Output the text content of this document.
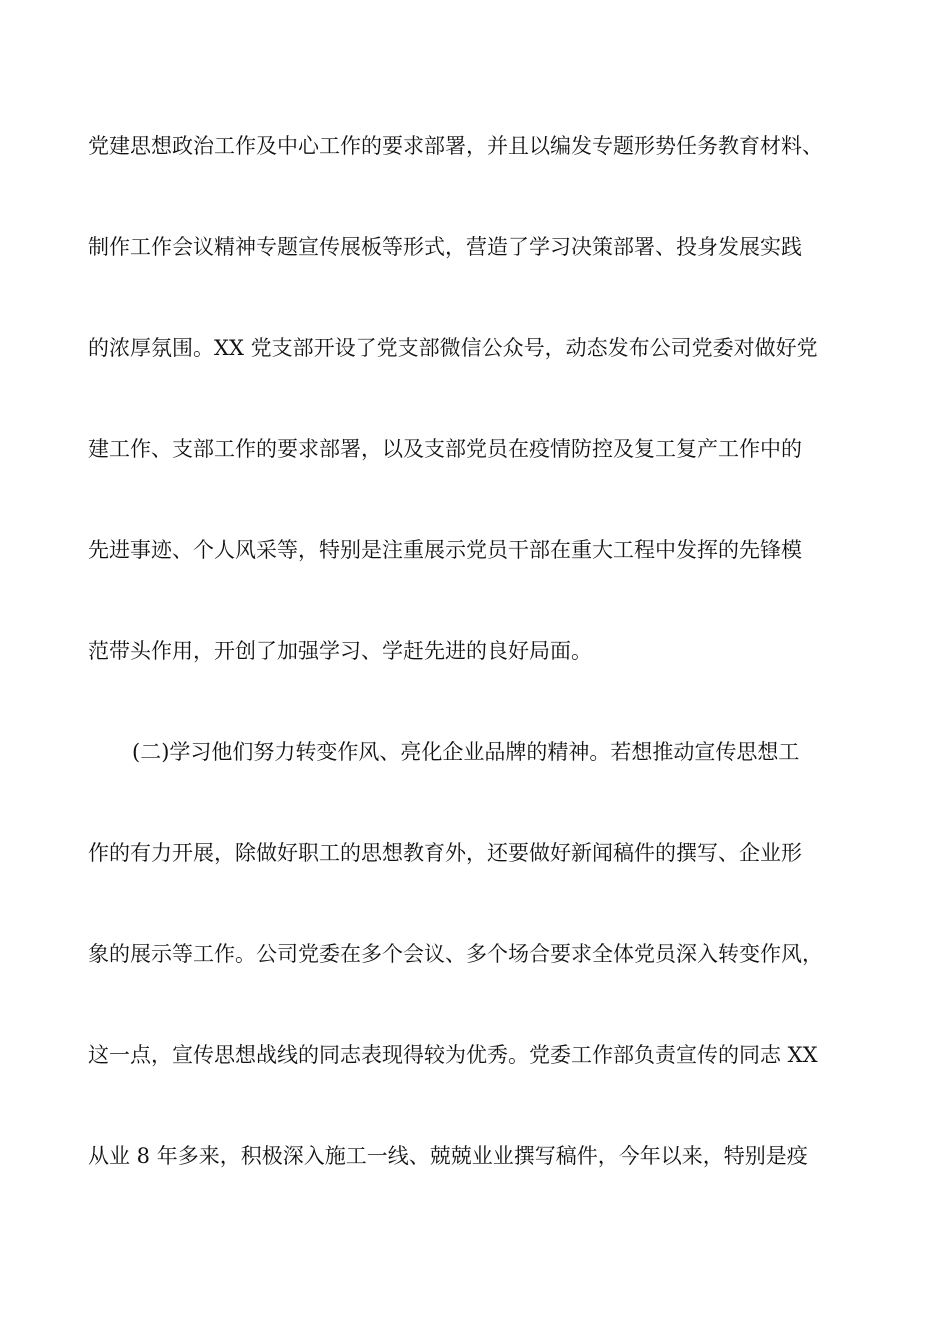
党建思想政治工作及中心工作的要求部署，并且以编发专题形势任务教育材料、
制作工作会议精神专题宣传展板等形式，营造了学习决策部署、投身发展实践
的浓厚氛围。XX 党支部开设了党支部微信公众号，动态发布公司党委对做好党
建工作、支部工作的要求部署，以及支部党员在疫情防控及复工复产工作中的
先进事迹、个人风采等，特别是注重展示党员干部在重大工程中发挥的先锋模
范带头作用，开创了加强学习、学赶先进的良好局面。
(二)学习他们努力转变作风、亮化企业品牌的精神。若想推动宣传思想工
作的有力开展，除做好职工的思想教育外，还要做好新闻稿件的撰写、企业形
象的展示等工作。公司党委在多个会议、多个场合要求全体党员深入转变作风，
这一点，宣传思想战线的同志表现得较为优秀。党委工作部负责宣传的同志 XX
从业 8 年多来，积极深入施工一线、兢兢业业撰写稿件，今年以来，特别是疫
